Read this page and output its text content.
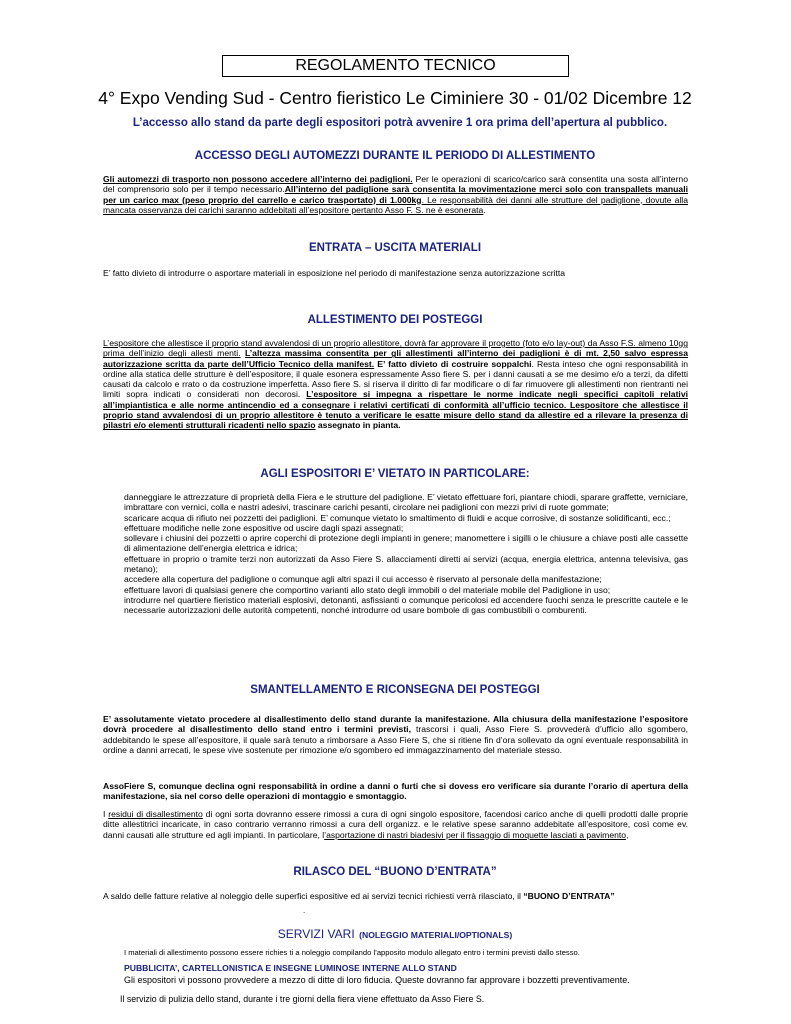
REGOLAMENTO TECNICO
4° Expo Vending Sud - Centro fieristico Le Ciminiere 30 - 01/02 Dicembre 12
L’accesso allo stand da parte degli espositori potrà avvenire 1 ora prima dell’apertura al pubblico.
ACCESSO DEGLI AUTOMEZZI DURANTE IL PERIODO DI ALLESTIMENTO
Gli automezzi di trasporto non possono accedere all’interno dei padiglioni. Per le operazioni di scarico/carico sarà consentita una sosta all’interno del comprensorio solo per il tempo necessario.All’interno del padiglione sarà consentita la movimentazione merci solo con transpallets manuali per un carico max (peso proprio del carrello e carico trasportato) di 1.000kg. Le responsabilità dei danni alle strutture del padiglione, dovute alla mancata osservanza dei carichi saranno addebitati all’espositore pertanto Asso F. S. ne è esonerata.
ENTRATA – USCITA MATERIALI
E’ fatto divieto di introdurre o asportare materiali in esposizione nel periodo di manifestazione senza autorizzazione scritta
ALLESTIMENTO DEI POSTEGGI
L’espositore che allestisce il proprio stand avvalendosi di un proprio allestitore, dovrà far approvare il progetto (foto e/o lay-out) da Asso F.S. almeno 10gg prima dell’inizio degli allesti menti. L’altezza massima consentita per gli allestimenti all’interno dei padiglioni è di mt. 2,50 salvo espressa autorizzazione scritta da parte dell’Ufficio Tecnico della manifest. E’ fatto divieto di costruire soppalchi. Resta inteso che ogni responsabilità in ordine alla statica delle strutture è dell’espositore, il quale esonera espressamente Asso fiere S. per i danni causati a se me desimo e/o a terzi, da difetti causati da calcolo e rrato o da costruzione imperfetta. Asso fiere S. si riserva il diritto di far modificare o di far rimuovere gli allestimenti non rientranti nei limiti sopra indicati o considerati non decorosi. L’espositore si impegna a rispettare le norme indicate negli specifici capitoli relativi all’impiantistica e alle norme antincendio ed a consegnare i relativi certificati di conformità all’ufficio tecnico. Lespositore che allestisce il proprio stand avvalendosi di un proprio allestitore è tenuto a verificare le esatte misure dello stand da allestire ed a rilevare la presenza di pilastri e/o elementi strutturali ricadenti nello spazio assegnato in pianta.
AGLI ESPOSITORI E’ VIETATO IN PARTICOLARE:
danneggiare le attrezzature di proprietà della Fiera e le strutture del padiglione. E’ vietato effettuare fori, piantare chiodi, sparare graffette, verniciare, imbrattare con vernici, colla e nastri adesivi, trascinare carichi pesanti, circolare nei padiglioni con mezzi privi di ruote gommate;
scaricare acqua di rifiuto nei pozzetti dei padiglioni. E’ comunque vietato lo smaltimento di fluidi e acque corrosive, di sostanze solidificanti, ecc.;
effettuare modifiche nelle zone espositive od uscire dagli spazi assegnati;
sollevare i chiusini dei pozzetti o aprire coperchi di protezione degli impianti in genere; manomettere i sigilli o le chiusure a chiave posti alle cassette di alimentazione dell’energia elettrica e idrica;
effettuare in proprio o tramite terzi non autorizzati da Asso Fiere S. allacciamenti diretti ai servizi (acqua, energia elettrica, antenna televisiva, gas metano);
accedere alla copertura del padiglione o comunque agli altri spazi il cui accesso è riservato al personale della manifestazione;
effettuare lavori di qualsiasi genere che comportino varianti allo stato degli immobili o del materiale mobile del Padiglione in uso;
introdurre nel quartiere fieristico materiali esplosivi, detonanti, asfissianti o comunque pericolosi ed accendere fuochi senza le prescritte cautele e le necessarie autorizzazioni delle autorità competenti, nonché introdurre od usare bombole di gas combustibili o comburenti.
SMANTELLAMENTO E RICONSEGNA DEI POSTEGGI
E’ assolutamente vietato procedere al disallestimento dello stand durante la manifestazione. Alla chiusura della manifestazione l’espositore dovrà procedere al disallestimento dello stand entro i termini previsti, trascorsi i quali, Asso Fiere S. provvederà d’ufficio allo sgombero, addebitando le spese all’espositore, il quale sarà tenuto a rimborsare a Asso Fiere S, che si ritiene fin d’ora sollevato da ogni eventuale responsabilità in ordine a danni arrecati, le spese vive sostenute per rimozione e/o sgombero ed immagazzinamento del materiale stesso.
AssoFiere S, comunque declina ogni responsabilità in ordine a danni o furti che si dovess ero verificare sia durante l’orario di apertura della manifestazione, sia nel corso delle operazioni di montaggio e smontaggio.
I residui di disallestimento di ogni sorta dovranno essere rimossi a cura di ogni singolo espositore, facendosi carico anche di quelli prodotti dalle proprie ditte allestitrici incaricate, in caso contrario verranno rimossi a cura dell organizz. e le relative spese saranno addebitate all’espositore, così come ev. danni causati alle strutture ed agli impianti. In particolare, l’asportazione di nastri biadesivi per il fissaggio di moquette lasciati a pavimento,
RILASCO DEL “BUONO D’ENTRATA”
A saldo delle fatture relative al noleggio delle superfici espositive ed ai servizi tecnici richiesti verrà rilasciato, il “BUONO D’ENTRATA”
.
SERVIZI VARI (NOLEGGIO MATERIALI/OPTIONALS)
I materiali di allestimento possono essere richies ti a noleggio compilando l’apposito modulo allegato entro i termini previsti dallo stesso.
PUBBLICITA’, CARTELLONISTICA E INSEGNE LUMINOSE INTERNE ALLO STAND
Gli espositori vi possono provvedere a mezzo di ditte di loro fiducia. Queste dovranno far approvare i bozzetti preventivamente.
Il servizio di pulizia dello stand, durante i tre giorni della fiera viene effettuato da Asso Fiere S.
